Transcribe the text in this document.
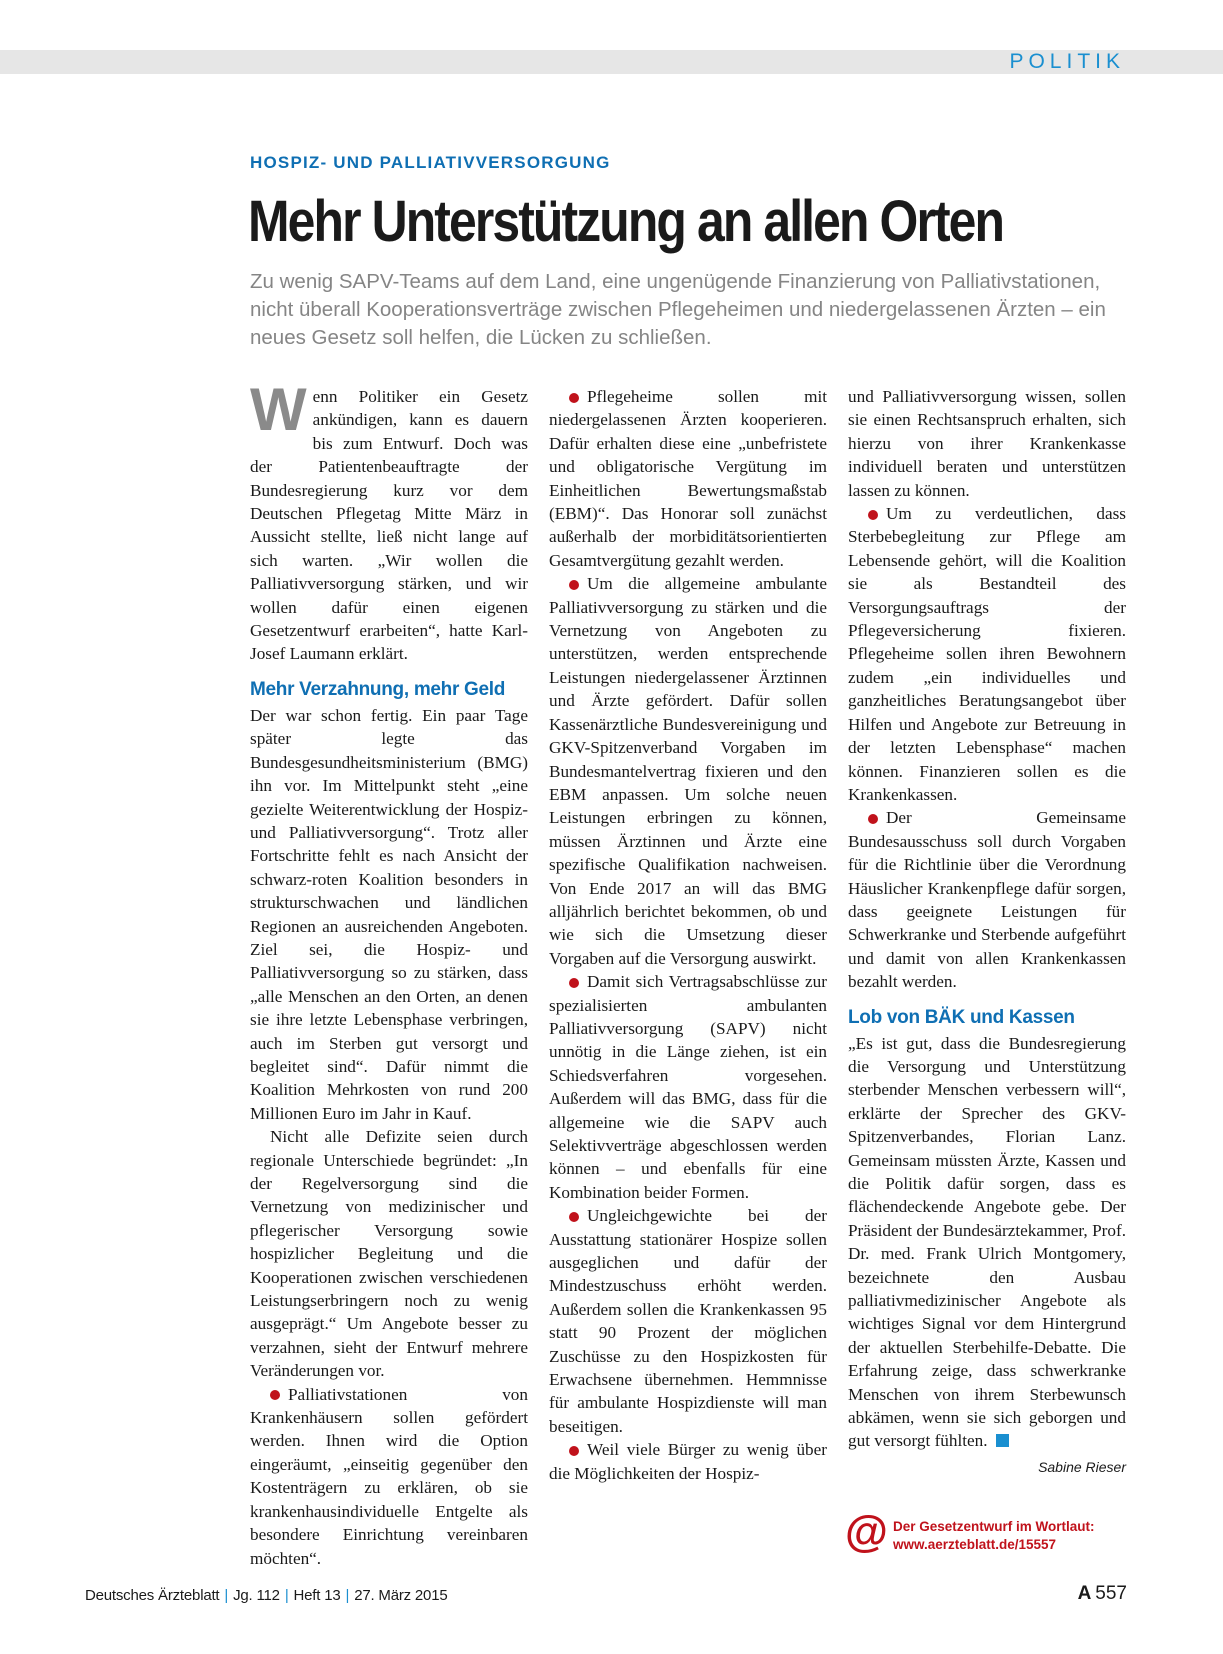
POLITIK
HOSPIZ- UND PALLIATIVVERSORGUNG
Mehr Unterstützung an allen Orten
Zu wenig SAPV-Teams auf dem Land, eine ungenügende Finanzierung von Palliativstationen, nicht überall Kooperationsverträge zwischen Pflegeheimen und niedergelassenen Ärzten – ein neues Gesetz soll helfen, die Lücken zu schließen.

Wenn Politiker ein Gesetz ankündigen, kann es dauern bis zum Entwurf. Doch was der Patientenbeauftragte der Bundesregierung kurz vor dem Deutschen Pflegetag Mitte März in Aussicht stellte, ließ nicht lange auf sich warten. „Wir wollen die Palliativversorgung stärken, und wir wollen dafür einen eigenen Gesetzentwurf erarbeiten“, hatte Karl-Josef Laumann erklärt.

Mehr Verzahnung, mehr Geld

Der war schon fertig. Ein paar Tage später legte das Bundesgesundheitsministerium (BMG) ihn vor. Im Mittelpunkt steht „eine gezielte Weiterentwicklung der Hospiz- und Palliativversorgung“. Trotz aller Fortschritte fehlt es nach Ansicht der schwarz-roten Koalition besonders in strukturschwachen und ländlichen Regionen an ausreichenden Angeboten. Ziel sei, die Hospiz- und Palliativversorgung so zu stärken, dass „alle Menschen an den Orten, an denen sie ihre letzte Lebensphase verbringen, auch im Sterben gut versorgt und begleitet sind“. Dafür nimmt die Koalition Mehrkosten von rund 200 Millionen Euro im Jahr in Kauf.

Nicht alle Defizite seien durch regionale Unterschiede begründet: „In der Regelversorgung sind die Vernetzung von medizinischer und pflegerischer Versorgung sowie hospizlicher Begleitung und die Kooperationen zwischen verschiedenen Leistungserbringern noch zu wenig ausgeprägt.“ Um Angebote besser zu verzahnen, sieht der Entwurf mehrere Veränderungen vor.

Palliativstationen von Krankenhäusern sollen gefördert werden. Ihnen wird die Option eingeräumt, „einseitig gegenüber den Kostenträgern zu erklären, ob sie krankenhausindividuelle Entgelte als besondere Einrichtung vereinbaren möchten“.

Pflegeheime sollen mit niedergelassenen Ärzten kooperieren. Dafür erhalten diese eine „unbefristete und obligatorische Vergütung im Einheitlichen Bewertungsmaßstab (EBM)“. Das Honorar soll zunächst außerhalb der morbiditätsorientierten Gesamtvergütung gezahlt werden.

Um die allgemeine ambulante Palliativversorgung zu stärken und die Vernetzung von Angeboten zu unterstützen, werden entsprechende Leistungen niedergelassener Ärztinnen und Ärzte gefördert. Dafür sollen Kassenärztliche Bundesvereinigung und GKV-Spitzenverband Vorgaben im Bundesmantelvertrag fixieren und den EBM anpassen. Um solche neuen Leistungen erbringen zu können, müssen Ärztinnen und Ärzte eine spezifische Qualifikation nachweisen. Von Ende 2017 an will das BMG alljährlich berichtet bekommen, ob und wie sich die Umsetzung dieser Vorgaben auf die Versorgung auswirkt.

Damit sich Vertragsabschlüsse zur spezialisierten ambulanten Palliativversorgung (SAPV) nicht unnötig in die Länge ziehen, ist ein Schiedsverfahren vorgesehen. Außerdem will das BMG, dass für die allgemeine wie die SAPV auch Selektivverträge abgeschlossen werden können – und ebenfalls für eine Kombination beider Formen.

Ungleichgewichte bei der Ausstattung stationärer Hospize sollen ausgeglichen und dafür der Mindestzuschuss erhöht werden. Außerdem sollen die Krankenkassen 95 statt 90 Prozent der möglichen Zuschüsse zu den Hospizkosten für Erwachsene übernehmen. Hemmnisse für ambulante Hospizdienste will man beseitigen.

Weil viele Bürger zu wenig über die Möglichkeiten der Hospiz-

und Palliativversorgung wissen, sollen sie einen Rechtsanspruch erhalten, sich hierzu von ihrer Krankenkasse individuell beraten und unterstützen lassen zu können.

Um zu verdeutlichen, dass Sterbebegleitung zur Pflege am Lebensende gehört, will die Koalition sie als Bestandteil des Versorgungsauftrags der Pflegeversicherung fixieren. Pflegeheime sollen ihren Bewohnern zudem „ein individuelles und ganzheitliches Beratungsangebot über Hilfen und Angebote zur Betreuung in der letzten Lebensphase“ machen können. Finanzieren sollen es die Krankenkassen.

Der Gemeinsame Bundesausschuss soll durch Vorgaben für die Richtlinie über die Verordnung Häuslicher Krankenpflege dafür sorgen, dass geeignete Leistungen für Schwerkranke und Sterbende aufgeführt und damit von allen Krankenkassen bezahlt werden.

Lob von BÄK und Kassen

„Es ist gut, dass die Bundesregierung die Versorgung und Unterstützung sterbender Menschen verbessern will“, erklärte der Sprecher des GKV-Spitzenverbandes, Florian Lanz. Gemeinsam müssten Ärzte, Kassen und die Politik dafür sorgen, dass es flächendeckende Angebote gebe. Der Präsident der Bundesärztekammer, Prof. Dr. med. Frank Ulrich Montgomery, bezeichnete den Ausbau palliativmedizinischer Angebote als wichtiges Signal vor dem Hintergrund der aktuellen Sterbehilfe-Debatte. Die Erfahrung zeige, dass schwerkranke Menschen von ihrem Sterbewunsch abkämen, wenn sie sich geborgen und gut versorgt fühlten.

Sabine Rieser
@ Der Gesetzentwurf im Wortlaut:
www.aerzteblatt.de/15557
Deutsches Ärzteblatt | Jg. 112 | Heft 13 | 27. März 2015	A 557
